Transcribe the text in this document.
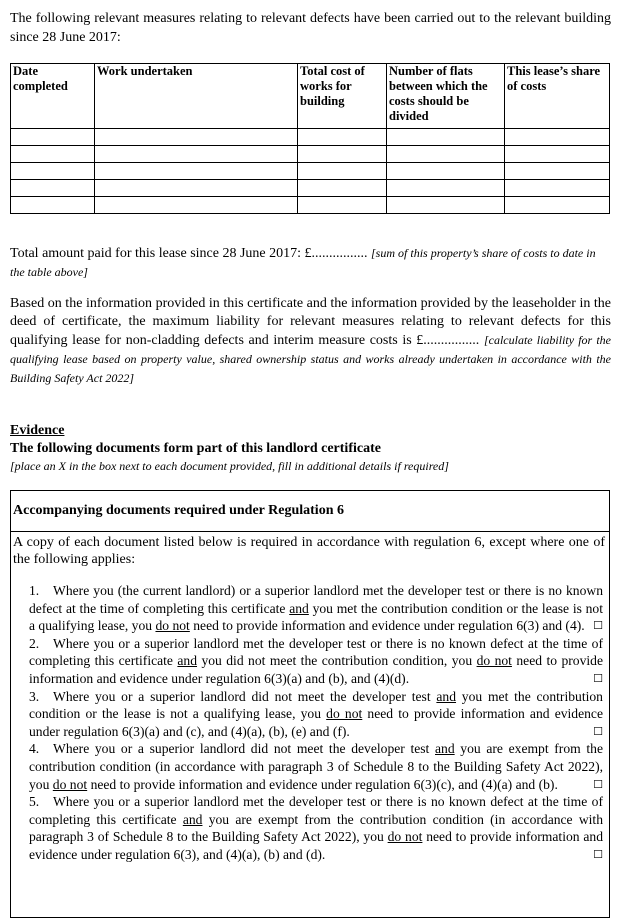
The following relevant measures relating to relevant defects have been carried out to the relevant building since 28 June 2017:

Date completed	Work undertaken	Total cost of works for building	Number of flats between which the costs should be divided	This lease’s share of costs

Total amount paid for this lease since 28 June 2017: £................ [sum of this property’s share of costs to date in the table above]

Based on the information provided in this certificate and the information provided by the leaseholder in the deed of certificate, the maximum liability for relevant measures relating to relevant defects for this qualifying lease for non-cladding defects and interim measure costs is £................ [calculate liability for the qualifying lease based on property value, shared ownership status and works already undertaken in accordance with the Building Safety Act 2022]

Evidence
The following documents form part of this landlord certificate
[place an X in the box next to each document provided, fill in additional details if required]
Accompanying documents required under Regulation 6
A copy of each document listed below is required in accordance with regulation 6, except where one of the following applies:
1. Where you (the current landlord) or a superior landlord met the developer test or there is no known defect at the time of completing this certificate and you met the contribution condition or the lease is not a qualifying lease, you do not need to provide information and evidence under regulation 6(3) and (4). ☐
2. Where you or a superior landlord met the developer test or there is no known defect at the time of completing this certificate and you did not meet the contribution condition, you do not need to provide information and evidence under regulation 6(3)(a) and (b), and (4)(d).	☐
3. Where you or a superior landlord did not meet the developer test and you met the contribution condition or the lease is not a qualifying lease, you do not need to provide information and evidence under regulation 6(3)(a) and (c), and (4)(a), (b), (e) and (f).	☐
4. Where you or a superior landlord did not meet the developer test and you are exempt from the contribution condition (in accordance with paragraph 3 of Schedule 8 to the Building Safety Act 2022), you do not need to provide information and evidence under regulation 6(3)(c), and (4)(a) and (b).	☐
5. Where you or a superior landlord met the developer test or there is no known defect at the time of completing this certificate and you are exempt from the contribution condition (in accordance with paragraph 3 of Schedule 8 to the Building Safety Act 2022), you do not need to provide information and evidence under regulation 6(3), and (4)(a), (b) and (d).	☐
